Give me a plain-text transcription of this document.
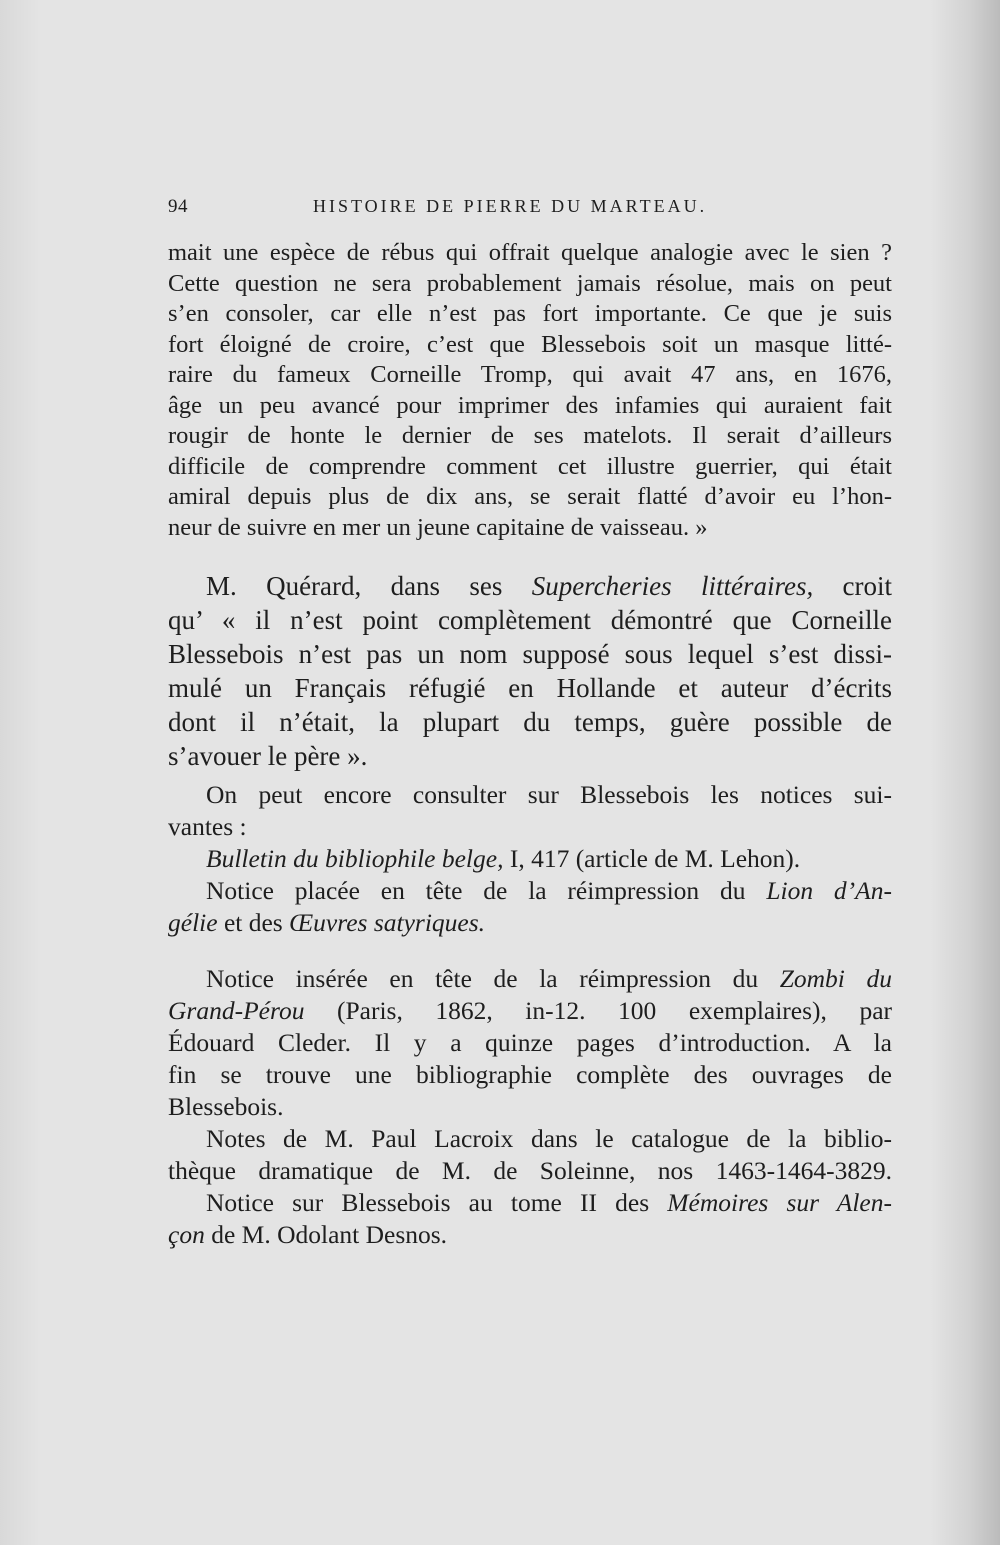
94	HISTOIRE DE PIERRE DU MARTEAU.
mait une espèce de rébus qui offrait quelque analogie avec le sien ?
Cette question ne sera probablement jamais résolue, mais on peut
s’en consoler, car elle n’est pas fort importante. Ce que je suis
fort éloigné de croire, c’est que Blessebois soit un masque litté-
raire du fameux Corneille Tromp, qui avait 47 ans, en 1676,
âge un peu avancé pour imprimer des infamies qui auraient fait
rougir de honte le dernier de ses matelots. Il serait d’ailleurs
difficile de comprendre comment cet illustre guerrier, qui était
amiral depuis plus de dix ans, se serait flatté d’avoir eu l’hon-
neur de suivre en mer un jeune capitaine de vaisseau. »
M. Quérard, dans ses Supercheries littéraires, croit
qu’ « il n’est point complètement démontré que Corneille
Blessebois n’est pas un nom supposé sous lequel s’est dissi-
mulé un Français réfugié en Hollande et auteur d’écrits
dont il n’était, la plupart du temps, guère possible de
s’avouer le père ».
On peut encore consulter sur Blessebois les notices sui-
vantes :
Bulletin du bibliophile belge, I, 417 (article de M. Lehon).
Notice placée en tête de la réimpression du Lion d’An-
gélie et des Œuvres satyriques.
Notice insérée en tête de la réimpression du Zombi du
Grand-Pérou (Paris, 1862, in-12. 100 exemplaires), par
Édouard Cleder. Il y a quinze pages d’introduction. A la
fin se trouve une bibliographie complète des ouvrages de
Blessebois.
Notes de M. Paul Lacroix dans le catalogue de la biblio-
thèque dramatique de M. de Soleinne, nos 1463-1464-3829.
Notice sur Blessebois au tome II des Mémoires sur Alen-
çon de M. Odolant Desnos.
